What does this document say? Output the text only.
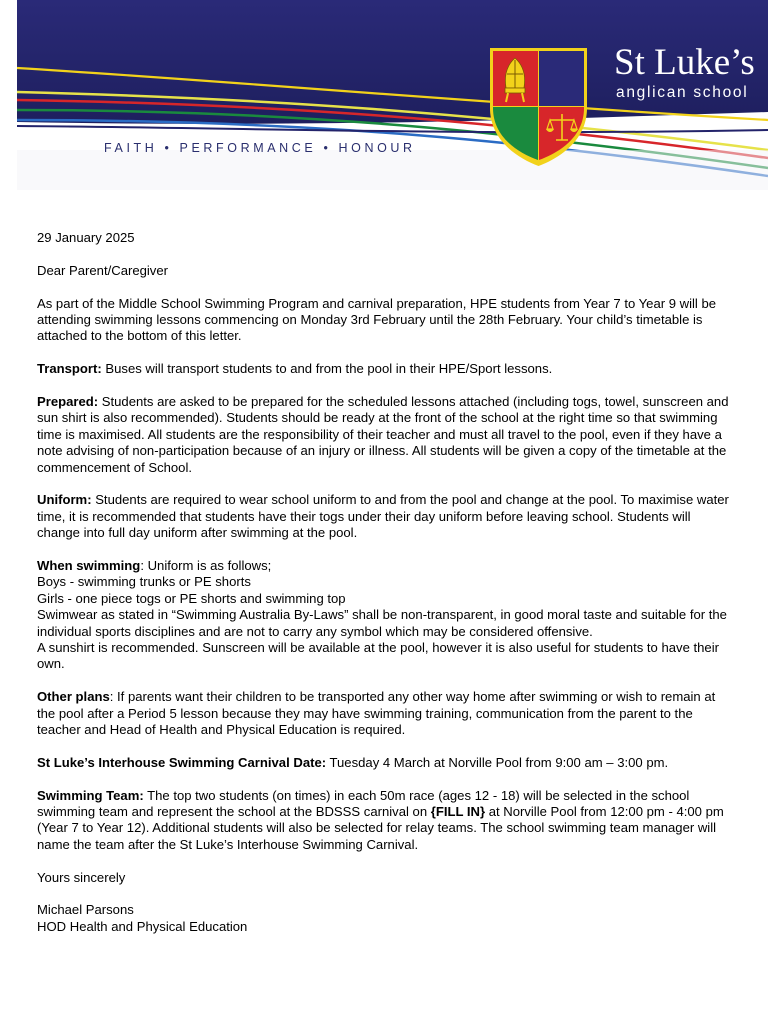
St Luke’s
anglican school
FAITH • PERFORMANCE • HONOUR

29 January 2025

Dear Parent/Caregiver

As part of the Middle School Swimming Program and carnival preparation, HPE students from Year 7 to Year 9 will be attending swimming lessons commencing on Monday 3rd February until the 28th February. Your child’s timetable is attached to the bottom of this letter.

Transport: Buses will transport students to and from the pool in their HPE/Sport lessons.

Prepared: Students are asked to be prepared for the scheduled lessons attached (including togs, towel, sunscreen and sun shirt is also recommended). Students should be ready at the front of the school at the right time so that swimming time is maximised. All students are the responsibility of their teacher and must all travel to the pool, even if they have a note advising of non-participation because of an injury or illness. All students will be given a copy of the timetable at the commencement of School.

Uniform: Students are required to wear school uniform to and from the pool and change at the pool. To maximise water time, it is recommended that students have their togs under their day uniform before leaving school. Students will change into full day uniform after swimming at the pool.

When swimming: Uniform is as follows;
Boys - swimming trunks or PE shorts
Girls - one piece togs or PE shorts and swimming top
Swimwear as stated in “Swimming Australia By-Laws” shall be non-transparent, in good moral taste and suitable for the individual sports disciplines and are not to carry any symbol which may be considered offensive.
A sunshirt is recommended. Sunscreen will be available at the pool, however it is also useful for students to have their own.

Other plans: If parents want their children to be transported any other way home after swimming or wish to remain at the pool after a Period 5 lesson because they may have swimming training, communication from the parent to the teacher and Head of Health and Physical Education is required.

St Luke’s Interhouse Swimming Carnival Date: Tuesday 4 March at Norville Pool from 9:00 am – 3:00 pm.

Swimming Team: The top two students (on times) in each 50m race (ages 12 - 18) will be selected in the school swimming team and represent the school at the BDSSS carnival on {FILL IN} at Norville Pool from 12:00 pm - 4:00 pm (Year 7 to Year 12). Additional students will also be selected for relay teams. The school swimming team manager will name the team after the St Luke’s Interhouse Swimming Carnival.

Yours sincerely

Michael Parsons
HOD Health and Physical Education
